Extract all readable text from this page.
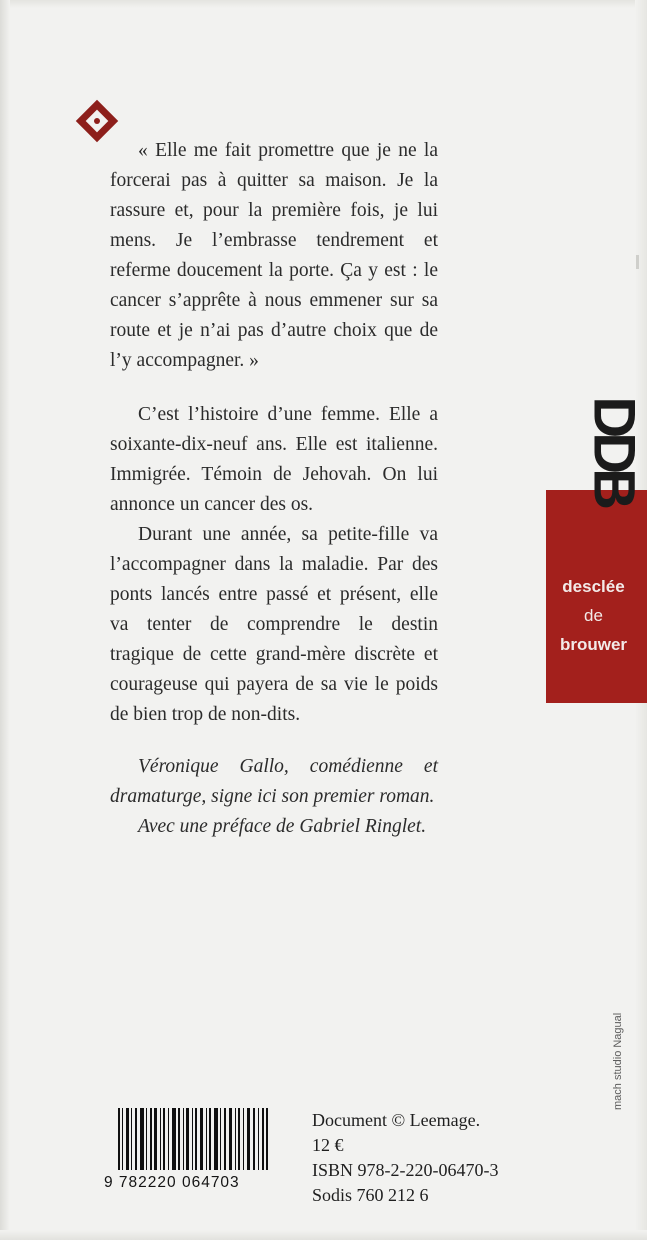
« Elle me fait promettre que je ne la forcerai pas à quitter sa maison. Je la rassure et, pour la première fois, je lui mens. Je l’embrasse tendrement et referme doucement la porte. Ça y est : le cancer s’apprête à nous emmener sur sa route et je n’ai pas d’autre choix que de l’y accompagner. »

C’est l’histoire d’une femme. Elle a soixante-dix-neuf ans. Elle est italienne. Immigrée. Témoin de Jehovah. On lui annonce un cancer des os.

Durant une année, sa petite-fille va l’accompagner dans la maladie. Par des ponts lancés entre passé et présent, elle va tenter de comprendre le destin tragique de cette grand-mère discrète et courageuse qui payera de sa vie le poids de bien trop de non-dits.

Véronique Gallo, comédienne et dramaturge, signe ici son premier roman.

Avec une préface de Gabriel Ringlet.

DDB
desclée
de
brouwer
9 782220 064703
Document © Leemage.
12 €
ISBN 978-2-220-06470-3
Sodis 760 212 6
mach studio Nagual
